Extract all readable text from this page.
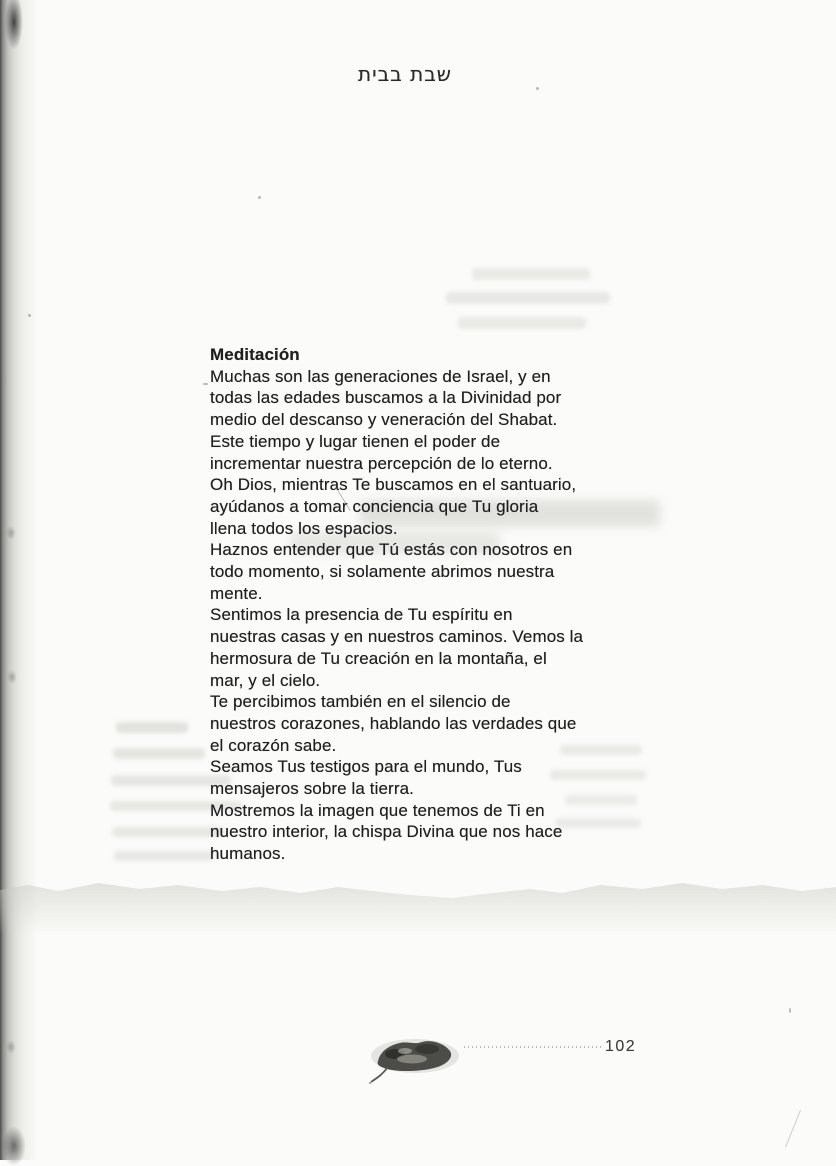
שבת בבית
Meditación
Muchas son las generaciones de Israel, y en
todas las edades buscamos a la Divinidad por
medio del descanso y veneración del Shabat.
Este tiempo y lugar tienen el poder de
incrementar nuestra percepción de lo eterno.
Oh Dios, mientras Te buscamos en el santuario,
ayúdanos a tomar conciencia que Tu gloria
llena todos los espacios.
Haznos entender que Tú estás con nosotros en
todo momento, si solamente abrimos nuestra
mente.
Sentimos la presencia de Tu espíritu en
nuestras casas y en nuestros caminos. Vemos la
hermosura de Tu creación en la montaña, el
mar, y el cielo.
Te percibimos también en el silencio de
nuestros corazones, hablando las verdades que
el corazón sabe.
Seamos Tus testigos para el mundo, Tus
mensajeros sobre la tierra.
Mostremos la imagen que tenemos de Ti en
nuestro interior, la chispa Divina que nos hace
humanos.
102
